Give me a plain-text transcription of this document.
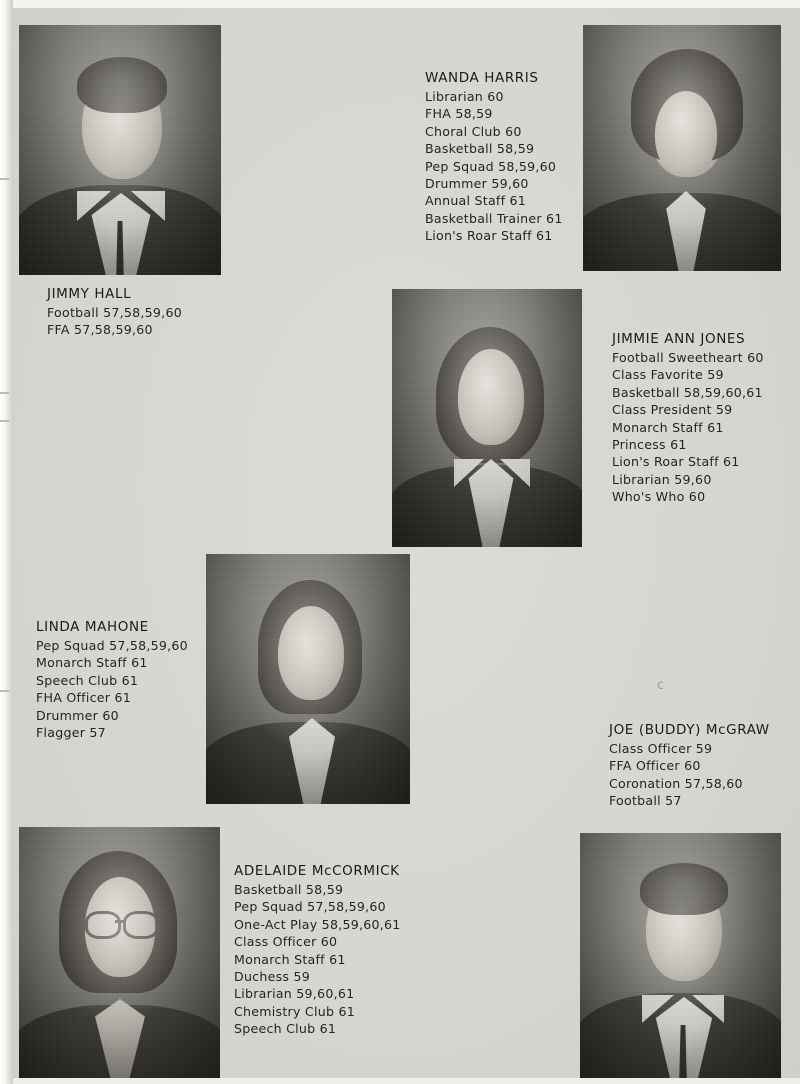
JIMMY HALL
Football 57,58,59,60
FFA 57,58,59,60
WANDA HARRIS
Librarian 60
FHA 58,59
Choral Club 60
Basketball 58,59
Pep Squad 58,59,60
Drummer 59,60
Annual Staff 61
Basketball Trainer 61
Lion's Roar Staff 61
JIMMIE ANN JONES
Football Sweetheart 60
Class Favorite 59
Basketball 58,59,60,61
Class President 59
Monarch Staff 61
Princess 61
Lion's Roar Staff 61
Librarian 59,60
Who's Who 60
LINDA MAHONE
Pep Squad 57,58,59,60
Monarch Staff 61
Speech Club 61
FHA Officer 61
Drummer 60
Flagger 57
c
JOE (BUDDY) McGRAW
Class Officer 59
FFA Officer 60
Coronation 57,58,60
Football 57
ADELAIDE McCORMICK
Basketball 58,59
Pep Squad 57,58,59,60
One-Act Play 58,59,60,61
Class Officer 60
Monarch Staff 61
Duchess 59
Librarian 59,60,61
Chemistry Club 61
Speech Club 61
